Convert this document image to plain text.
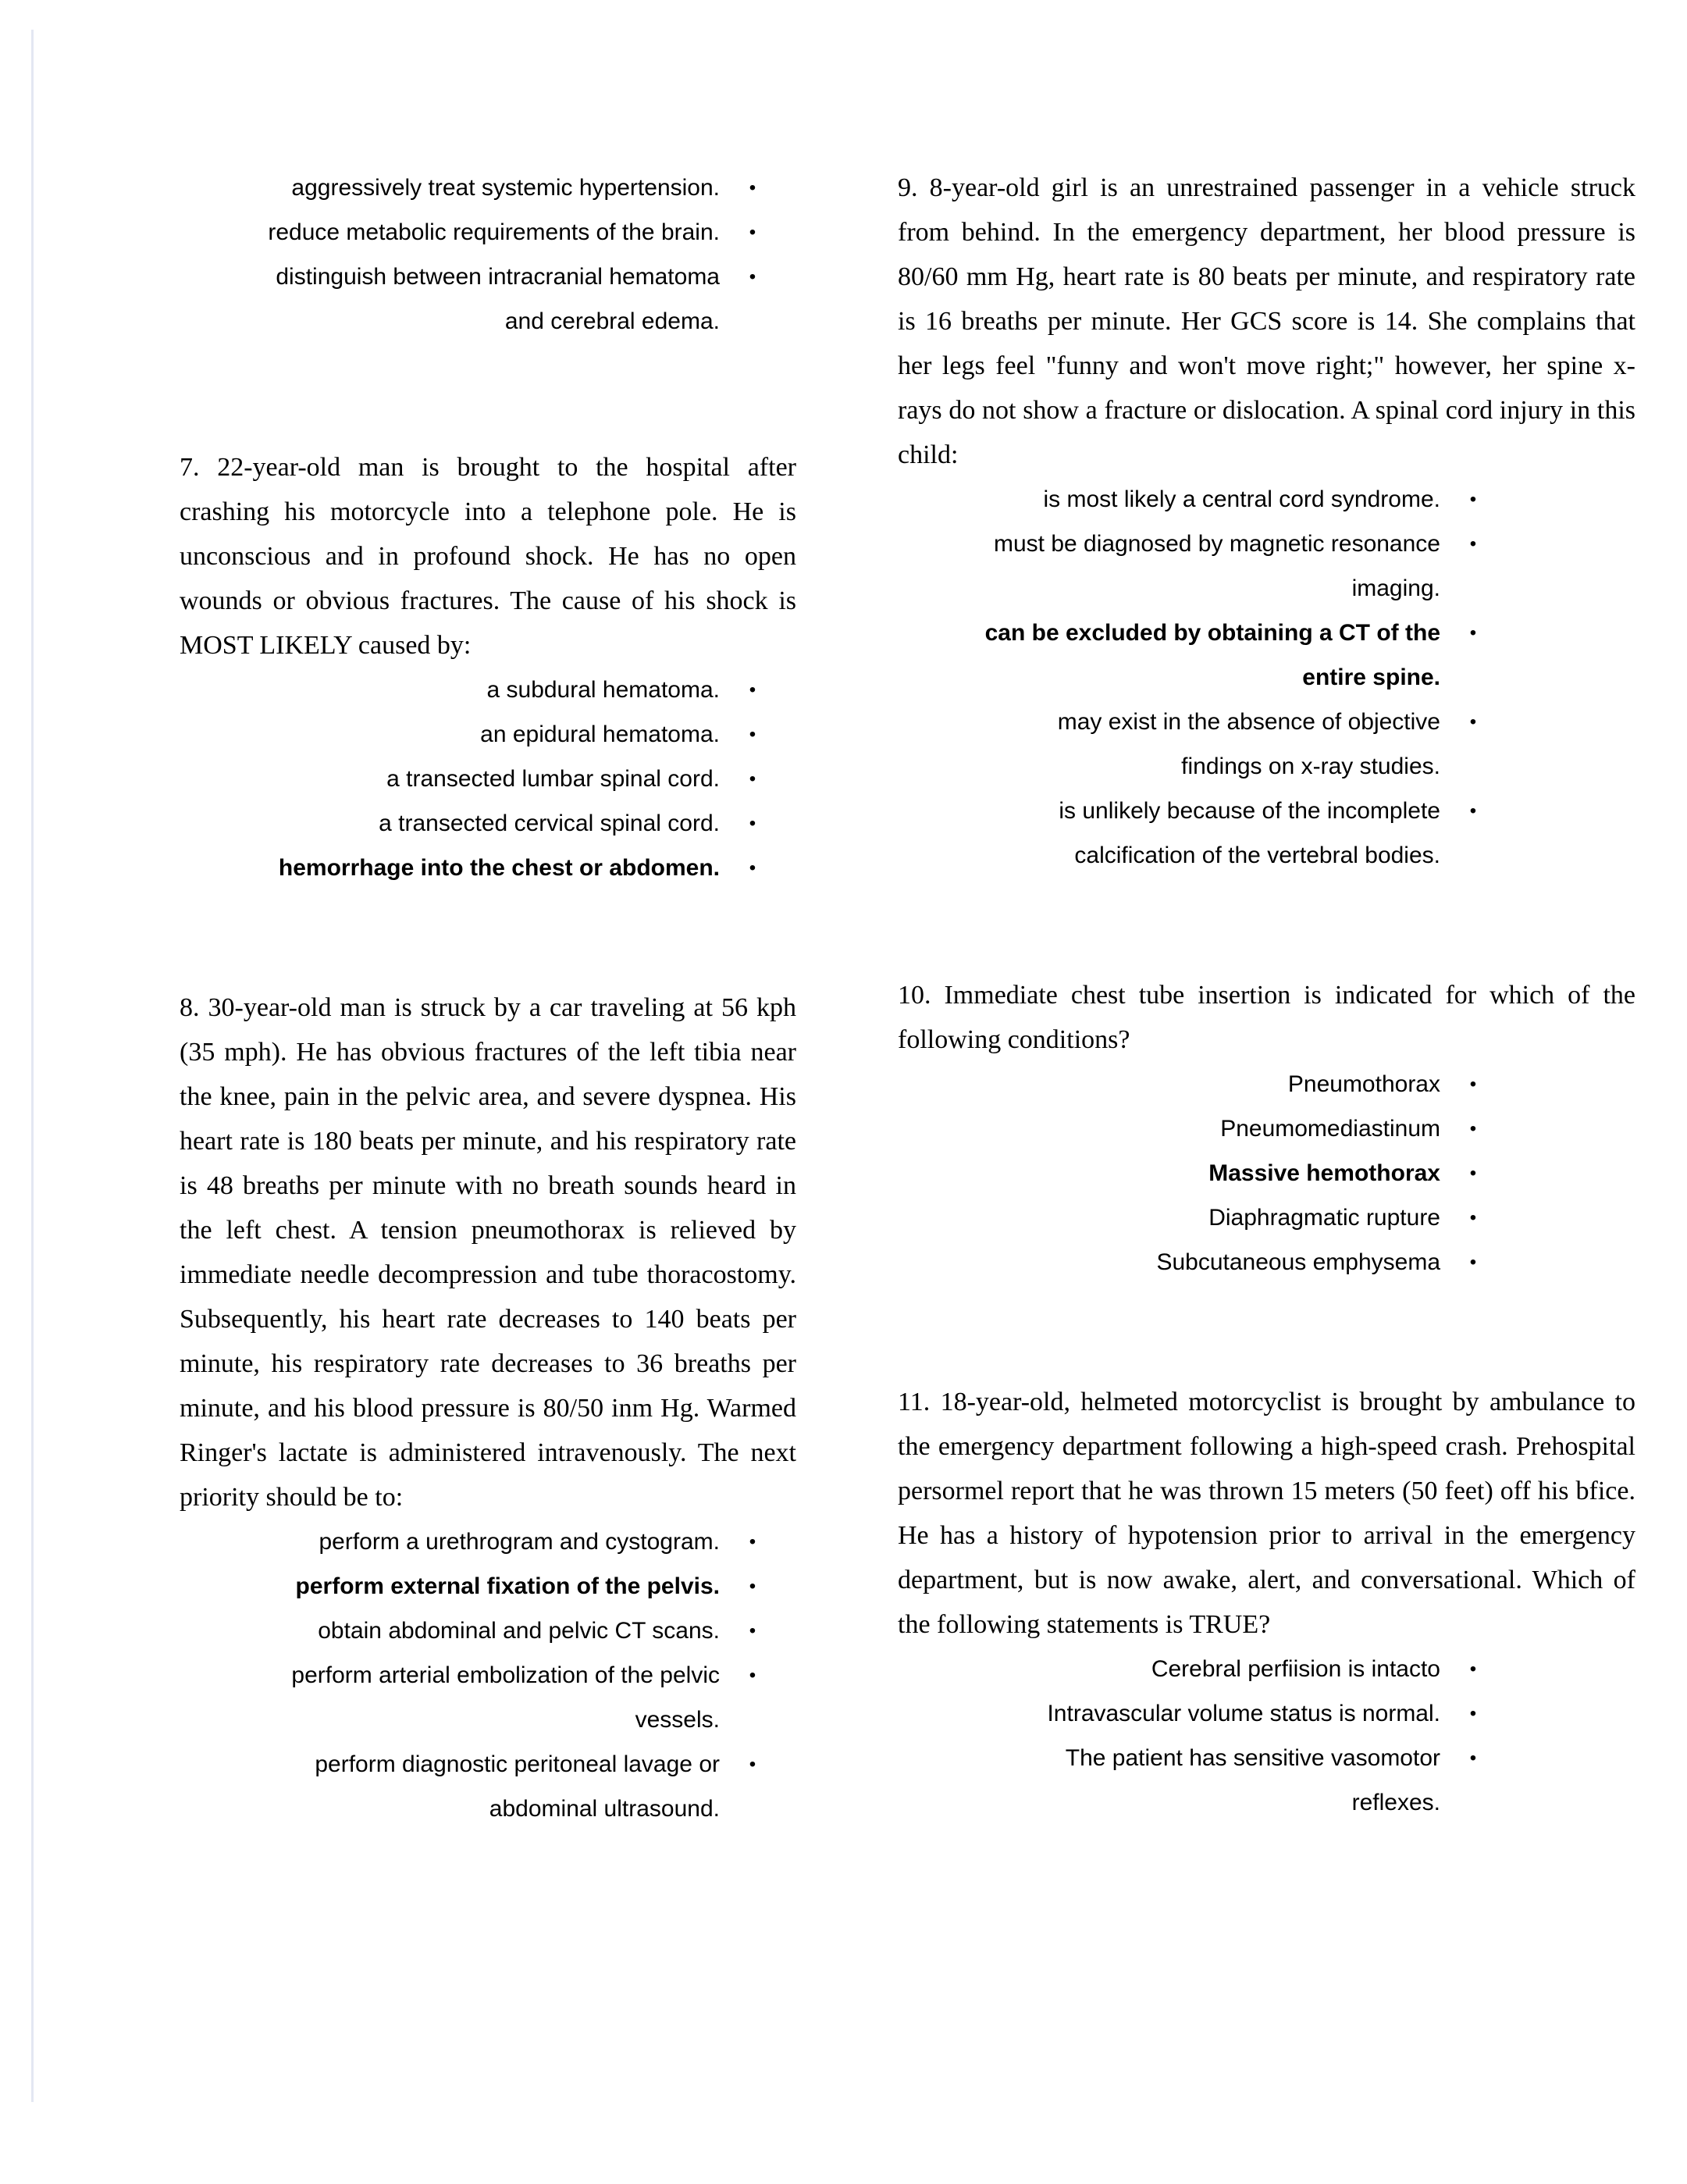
aggressively treat systemic hypertension. •
reduce metabolic requirements of the brain. •
distinguish between intracranial hematoma and cerebral edema.
•

7. 22-year-old man is brought to the hospital after crashing his motorcycle into a telephone pole. He is unconscious and in profound shock. He has no open wounds or obvious fractures. The cause of his shock is MOST LIKELY caused by:

a subdural hematoma. •
an epidural hematoma. •
a transected lumbar spinal cord. •
a transected cervical spinal cord. •
hemorrhage into the chest or abdomen. •

8. 30-year-old man is struck by a car traveling at 56 kph (35 mph). He has obvious fractures of the left tibia near the knee, pain in the pelvic area, and severe dyspnea. His heart rate is 180 beats per minute, and his respiratory rate is 48 breaths per minute with no breath sounds heard in the left chest. A tension pneumothorax is relieved by immediate needle decompression and tube thoracostomy. Subsequently, his heart rate decreases to 140 beats per minute, his respiratory rate decreases to 36 breaths per minute, and his blood pressure is 80/50 inm Hg. Warmed Ringer's lactate is administered intravenously. The next priority should be to:

perform a urethrogram and cystogram. •
perform external fixation of the pelvis. •
obtain abdominal and pelvic CT scans. •
perform arterial embolization of the pelvic vessels.
•
perform diagnostic peritoneal lavage or abdominal ultrasound.
•

9. 8-year-old girl is an unrestrained passenger in a vehicle struck from behind. In the emergency department, her blood pressure is 80/60 mm Hg, heart rate is 80 beats per minute, and respiratory rate is 16 breaths per minute. Her GCS score is 14. She complains that her legs feel "funny and won't move right;" however, her spine x-rays do not show a fracture or dislocation. A spinal cord injury in this child:

is most likely a central cord syndrome. •
must be diagnosed by magnetic resonance imaging.
•
can be excluded by obtaining a CT of the entire spine.
•
may exist in the absence of objective findings on x-ray studies.
•
is unlikely because of the incomplete calcification of the vertebral bodies.
•

10. Immediate chest tube insertion is indicated for which of the following conditions?

Pneumothorax •
Pneumomediastinum •
Massive hemothorax •
Diaphragmatic rupture •
Subcutaneous emphysema •

11. 18-year-old, helmeted motorcyclist is brought by ambulance to the emergency department following a high-speed crash. Prehospital persormel report that he was thrown 15 meters (50 feet) off his bfice. He has a history of hypotension prior to arrival in the emergency department, but is now awake, alert, and conversational. Which of the following statements is TRUE?

Cerebral perfiision is intacto •
Intravascular volume status is normal. •
The patient has sensitive vasomotor reflexes.
•
